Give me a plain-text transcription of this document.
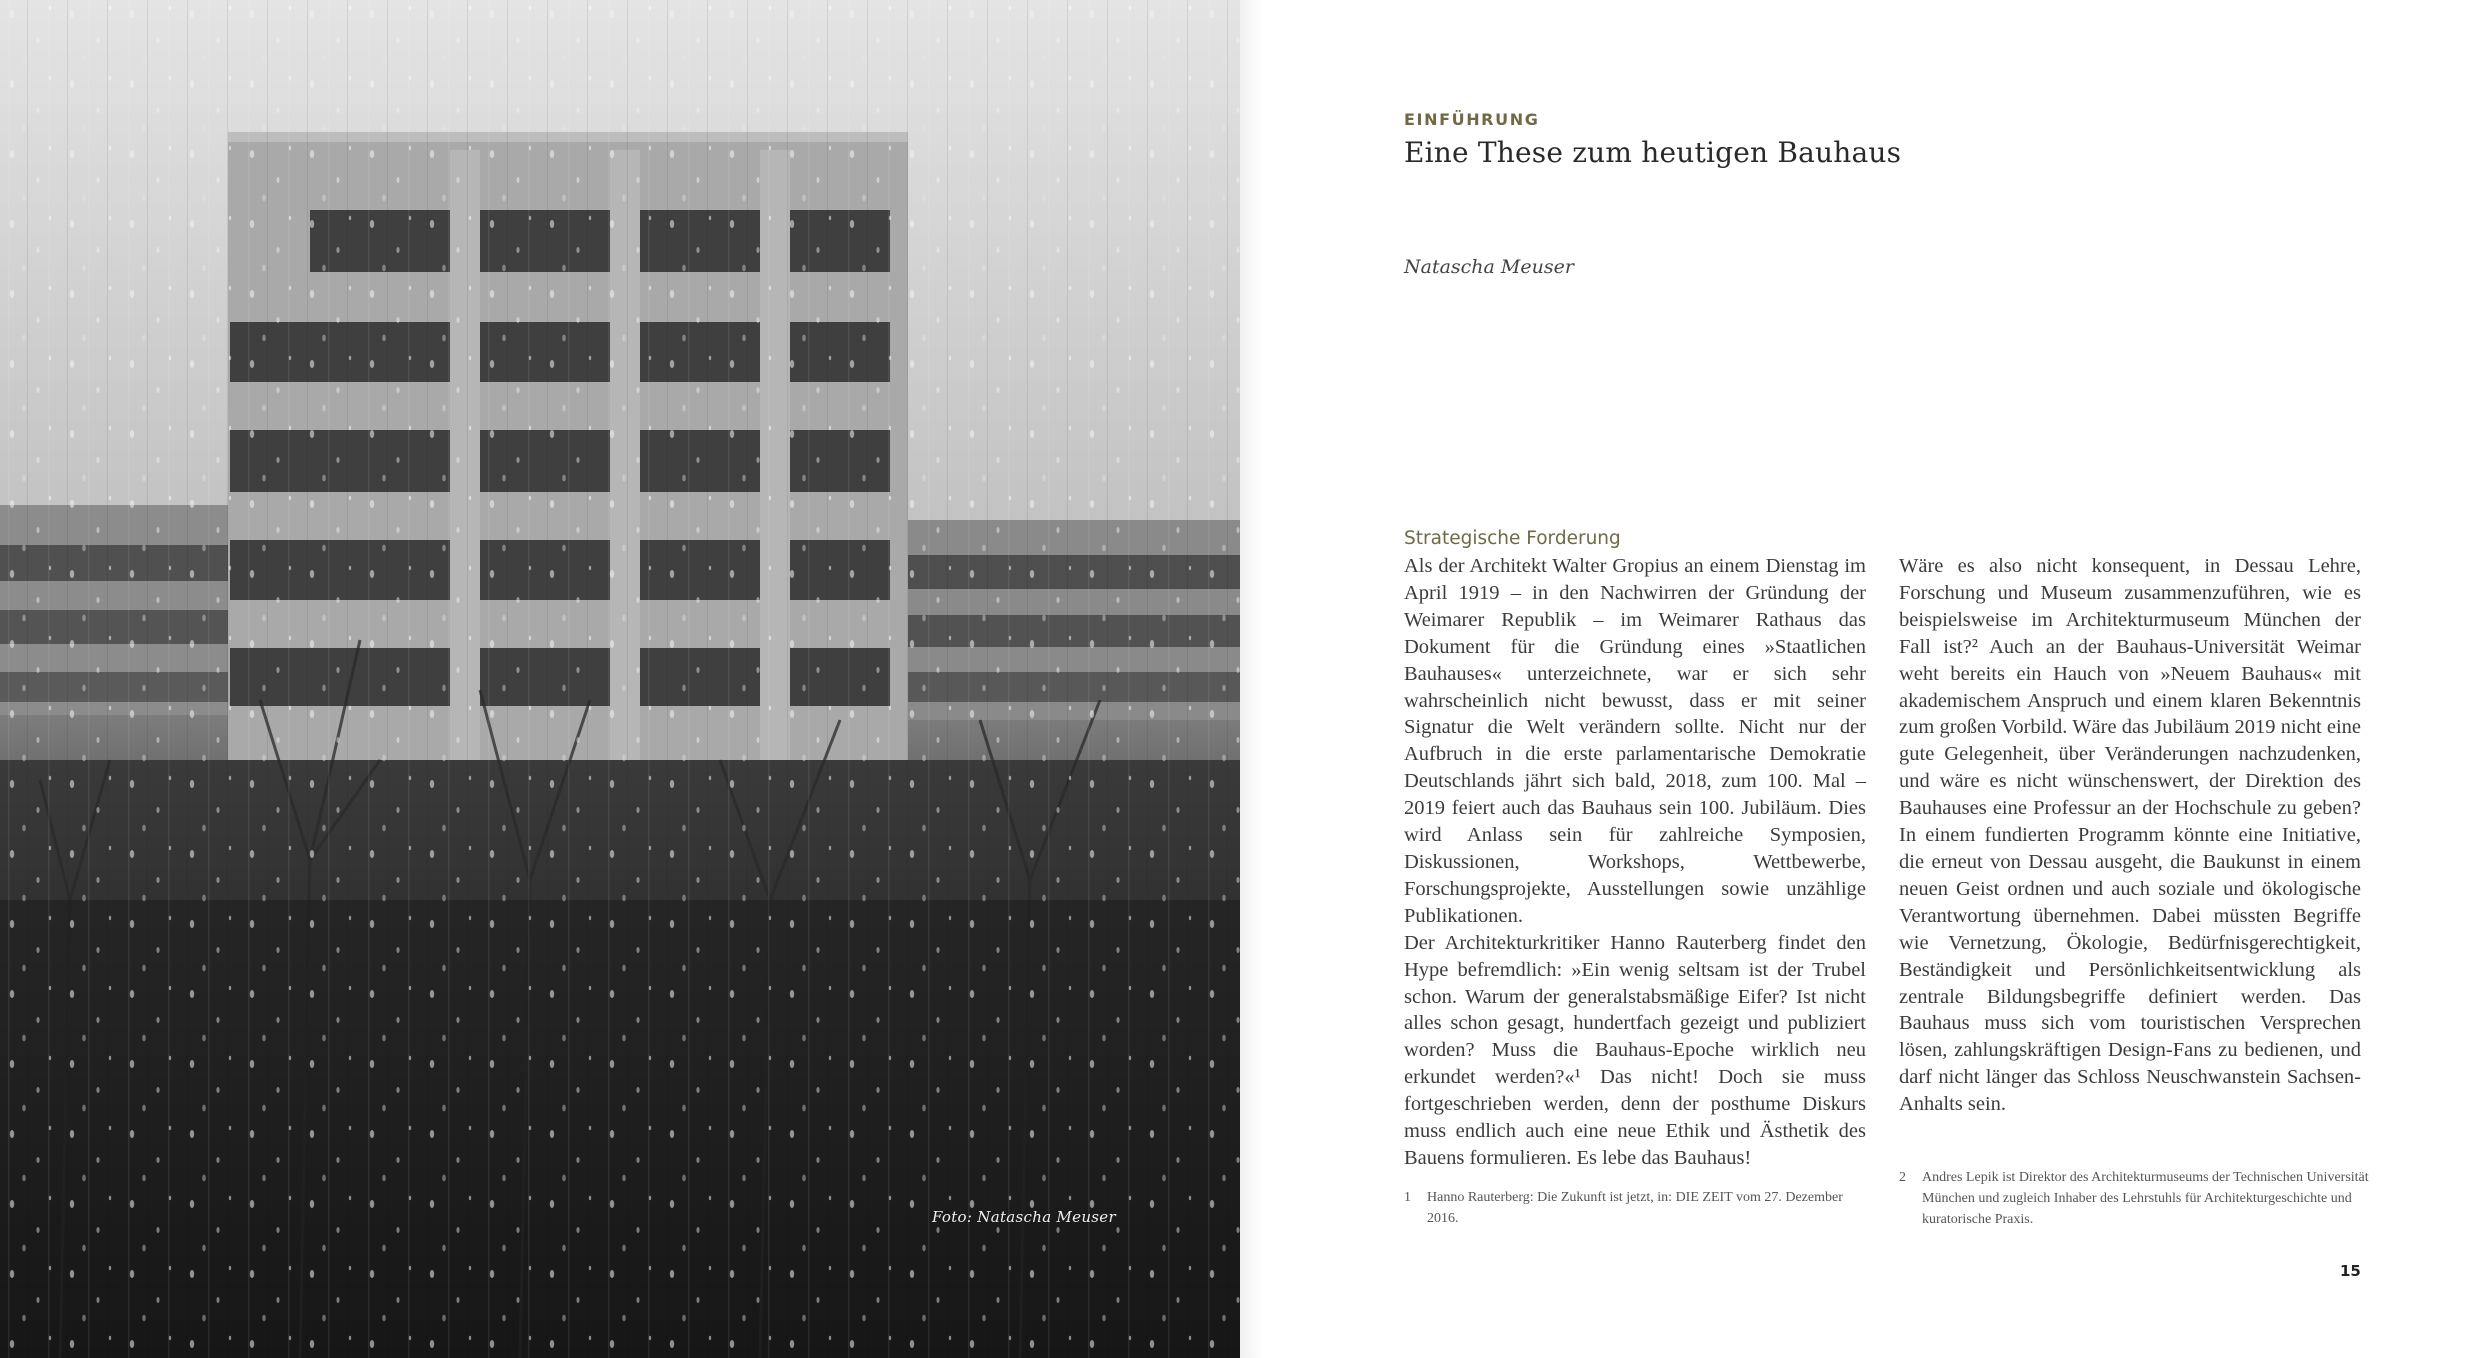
Foto: Natascha Meuser
EINFÜHRUNG
Eine These zum heutigen Bauhaus
Natascha Meuser
Strategische Forderung

Als der Architekt Walter Gropius an einem Dienstag im April 1919 – in den Nachwirren der Gründung der Weimarer Republik – im Weimarer Rathaus das Dokument für die Gründung eines »Staatlichen Bauhauses« unterzeichnete, war er sich sehr wahrscheinlich nicht bewusst, dass er mit seiner Signatur die Welt verändern sollte. Nicht nur der Aufbruch in die erste parlamentarische Demokratie Deutschlands jährt sich bald, 2018, zum 100. Mal – 2019 feiert auch das Bauhaus sein 100. Jubiläum. Dies wird Anlass sein für zahlreiche Symposien, Diskussionen, Workshops, Wettbewerbe, Forschungsprojekte, Ausstellungen sowie unzählige Publikationen.

Der Architekturkritiker Hanno Rauterberg findet den Hype befremdlich: »Ein wenig seltsam ist der Trubel schon. Warum der generalstabsmäßige Eifer? Ist nicht alles schon gesagt, hundertfach gezeigt und publiziert worden? Muss die Bauhaus-Epoche wirklich neu erkundet werden?«¹ Das nicht! Doch sie muss fortgeschrieben werden, denn der posthume Diskurs muss endlich auch eine neue Ethik und Ästhetik des Bauens formulieren. Es lebe das Bauhaus!

Wäre es also nicht konsequent, in Dessau Lehre, Forschung und Museum zusammenzuführen, wie es beispielsweise im Architekturmuseum München der Fall ist?² Auch an der Bauhaus-Universität Weimar weht bereits ein Hauch von »Neuem Bauhaus« mit akademischem Anspruch und einem klaren Bekenntnis zum großen Vorbild. Wäre das Jubiläum 2019 nicht eine gute Gelegenheit, über Veränderungen nachzudenken, und wäre es nicht wünschenswert, der Direktion des Bauhauses eine Professur an der Hochschule zu geben? In einem fundierten Programm könnte eine Initiative, die erneut von Dessau ausgeht, die Baukunst in einem neuen Geist ordnen und auch soziale und ökologische Verantwortung übernehmen. Dabei müssten Begriffe wie Vernetzung, Ökologie, Bedürfnisgerechtigkeit, Beständigkeit und Persönlichkeitsentwicklung als zentrale Bildungsbegriffe definiert werden. Das Bauhaus muss sich vom touristischen Versprechen lösen, zahlungskräftigen Design-Fans zu bedienen, und darf nicht länger das Schloss Neuschwanstein Sachsen-Anhalts sein.

1	Hanno Rauterberg: Die Zukunft ist jetzt, in: DIE ZEIT vom 27. Dezember 2016.
2	Andres Lepik ist Direktor des Architekturmuseums der Technischen Universität München und zugleich Inhaber des Lehrstuhls für Architekturgeschichte und kuratorische Praxis.
15
